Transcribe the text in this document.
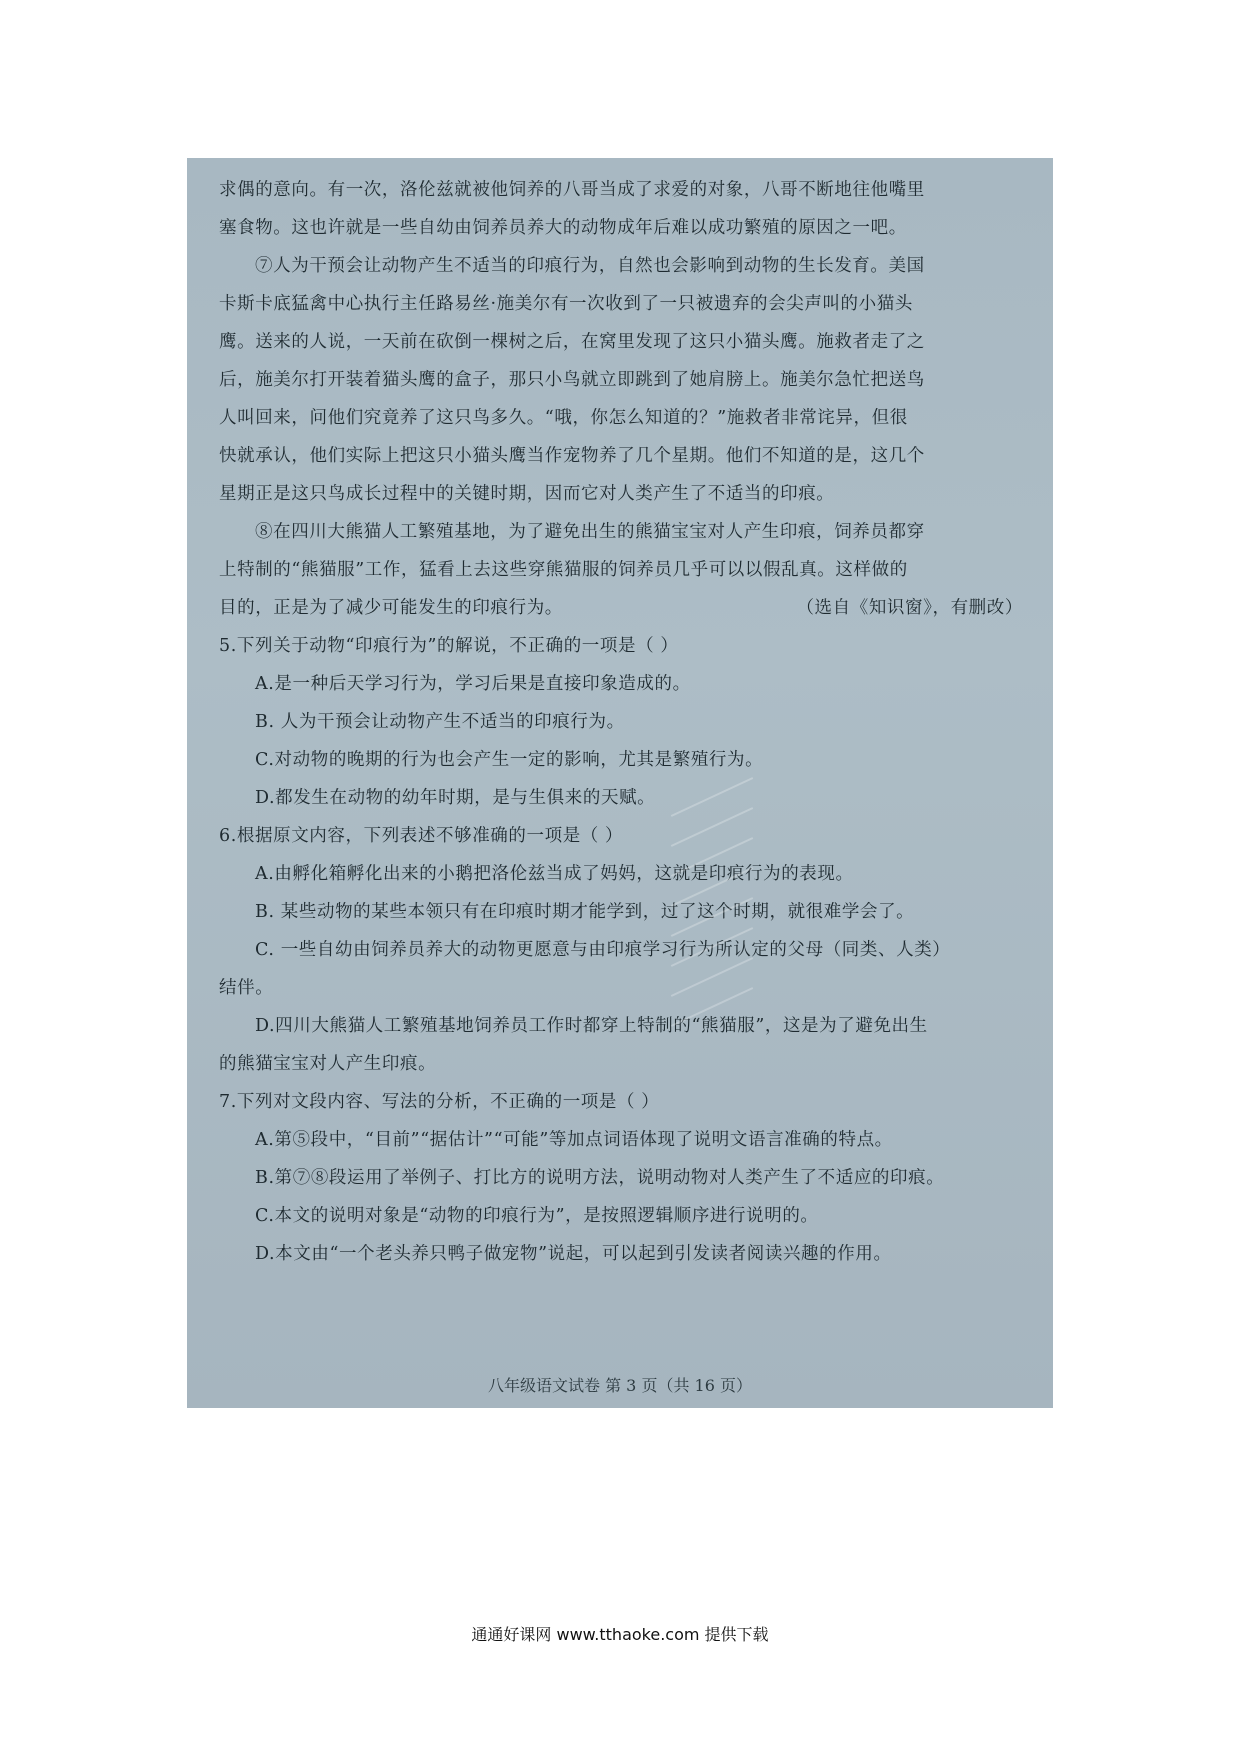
求偶的意向。有一次，洛伦兹就被他饲养的八哥当成了求爱的对象，八哥不断地往他嘴里
塞食物。这也许就是一些自幼由饲养员养大的动物成年后难以成功繁殖的原因之一吧。
⑦人为干预会让动物产生不适当的印痕行为，自然也会影响到动物的生长发育。美国
卡斯卡底猛禽中心执行主任路易丝·施美尔有一次收到了一只被遗弃的会尖声叫的小猫头
鹰。送来的人说，一天前在砍倒一棵树之后，在窝里发现了这只小猫头鹰。施救者走了之
后，施美尔打开装着猫头鹰的盒子，那只小鸟就立即跳到了她肩膀上。施美尔急忙把送鸟
人叫回来，问他们究竟养了这只鸟多久。“哦，你怎么知道的？”施救者非常诧异，但很
快就承认，他们实际上把这只小猫头鹰当作宠物养了几个星期。他们不知道的是，这几个
星期正是这只鸟成长过程中的关键时期，因而它对人类产生了不适当的印痕。
⑧在四川大熊猫人工繁殖基地，为了避免出生的熊猫宝宝对人产生印痕，饲养员都穿
上特制的“熊猫服”工作，猛看上去这些穿熊猫服的饲养员几乎可以以假乱真。这样做的
目的，正是为了减少可能发生的印痕行为。	（选自《知识窗》，有删改）
5.下列关于动物“印痕行为”的解说，不正确的一项是（ ）
A.是一种后天学习行为，学习后果是直接印象造成的。
B. 人为干预会让动物产生不适当的印痕行为。
C.对动物的晚期的行为也会产生一定的影响，尤其是繁殖行为。
D.都发生在动物的幼年时期，是与生俱来的天赋。
6.根据原文内容，下列表述不够准确的一项是（ ）
A.由孵化箱孵化出来的小鹅把洛伦兹当成了妈妈，这就是印痕行为的表现。
B. 某些动物的某些本领只有在印痕时期才能学到，过了这个时期，就很难学会了。
C. 一些自幼由饲养员养大的动物更愿意与由印痕学习行为所认定的父母（同类、人类）
结伴。
D.四川大熊猫人工繁殖基地饲养员工作时都穿上特制的“熊猫服”，这是为了避免出生
的熊猫宝宝对人产生印痕。
7.下列对文段内容、写法的分析，不正确的一项是（ ）
A.第⑤段中，“目前”“据估计”“可能”等加点词语体现了说明文语言准确的特点。
B.第⑦⑧段运用了举例子、打比方的说明方法，说明动物对人类产生了不适应的印痕。
C.本文的说明对象是“动物的印痕行为”，是按照逻辑顺序进行说明的。
D.本文由“一个老头养只鸭子做宠物”说起，可以起到引发读者阅读兴趣的作用。
八年级语文试卷 第 3 页（共 16 页）
通通好课网 www.tthaoke.com 提供下载
